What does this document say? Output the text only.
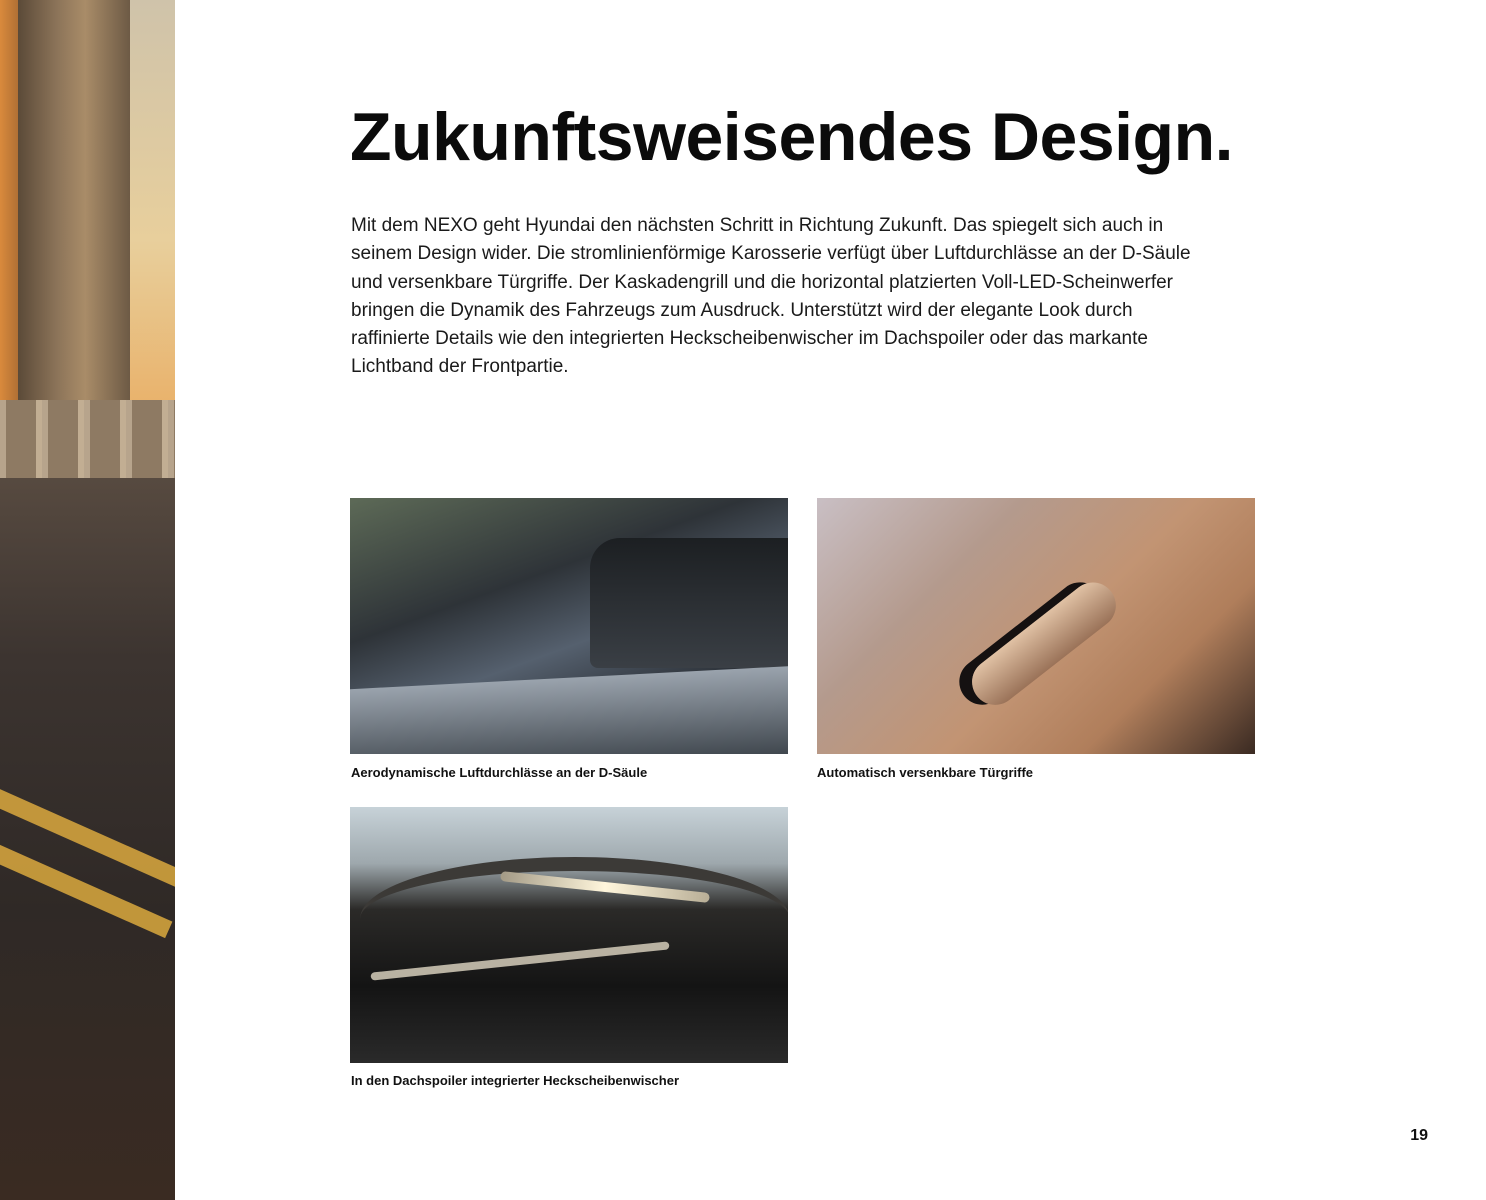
Zukunftsweisendes Design.

Mit dem NEXO geht Hyundai den nächsten Schritt in Richtung Zukunft. Das spiegelt sich auch in seinem Design wider. Die stromlinienförmige Karosserie verfügt über Luftdurchlässe an der D-Säule und versenkbare Türgriffe. Der Kaskadengrill und die horizontal platzierten Voll-LED-Scheinwerfer bringen die Dynamik des Fahrzeugs zum Ausdruck. Unterstützt wird der elegante Look durch raffinierte Details wie den integrierten Heckscheibenwischer im Dachspoiler oder das markante Lichtband der Frontpartie.

Aerodynamische Luftdurchlässe an der D-Säule	Automatisch versenkbare Türgriffe

In den Dachspoiler integrierter Heckscheibenwischer

19
